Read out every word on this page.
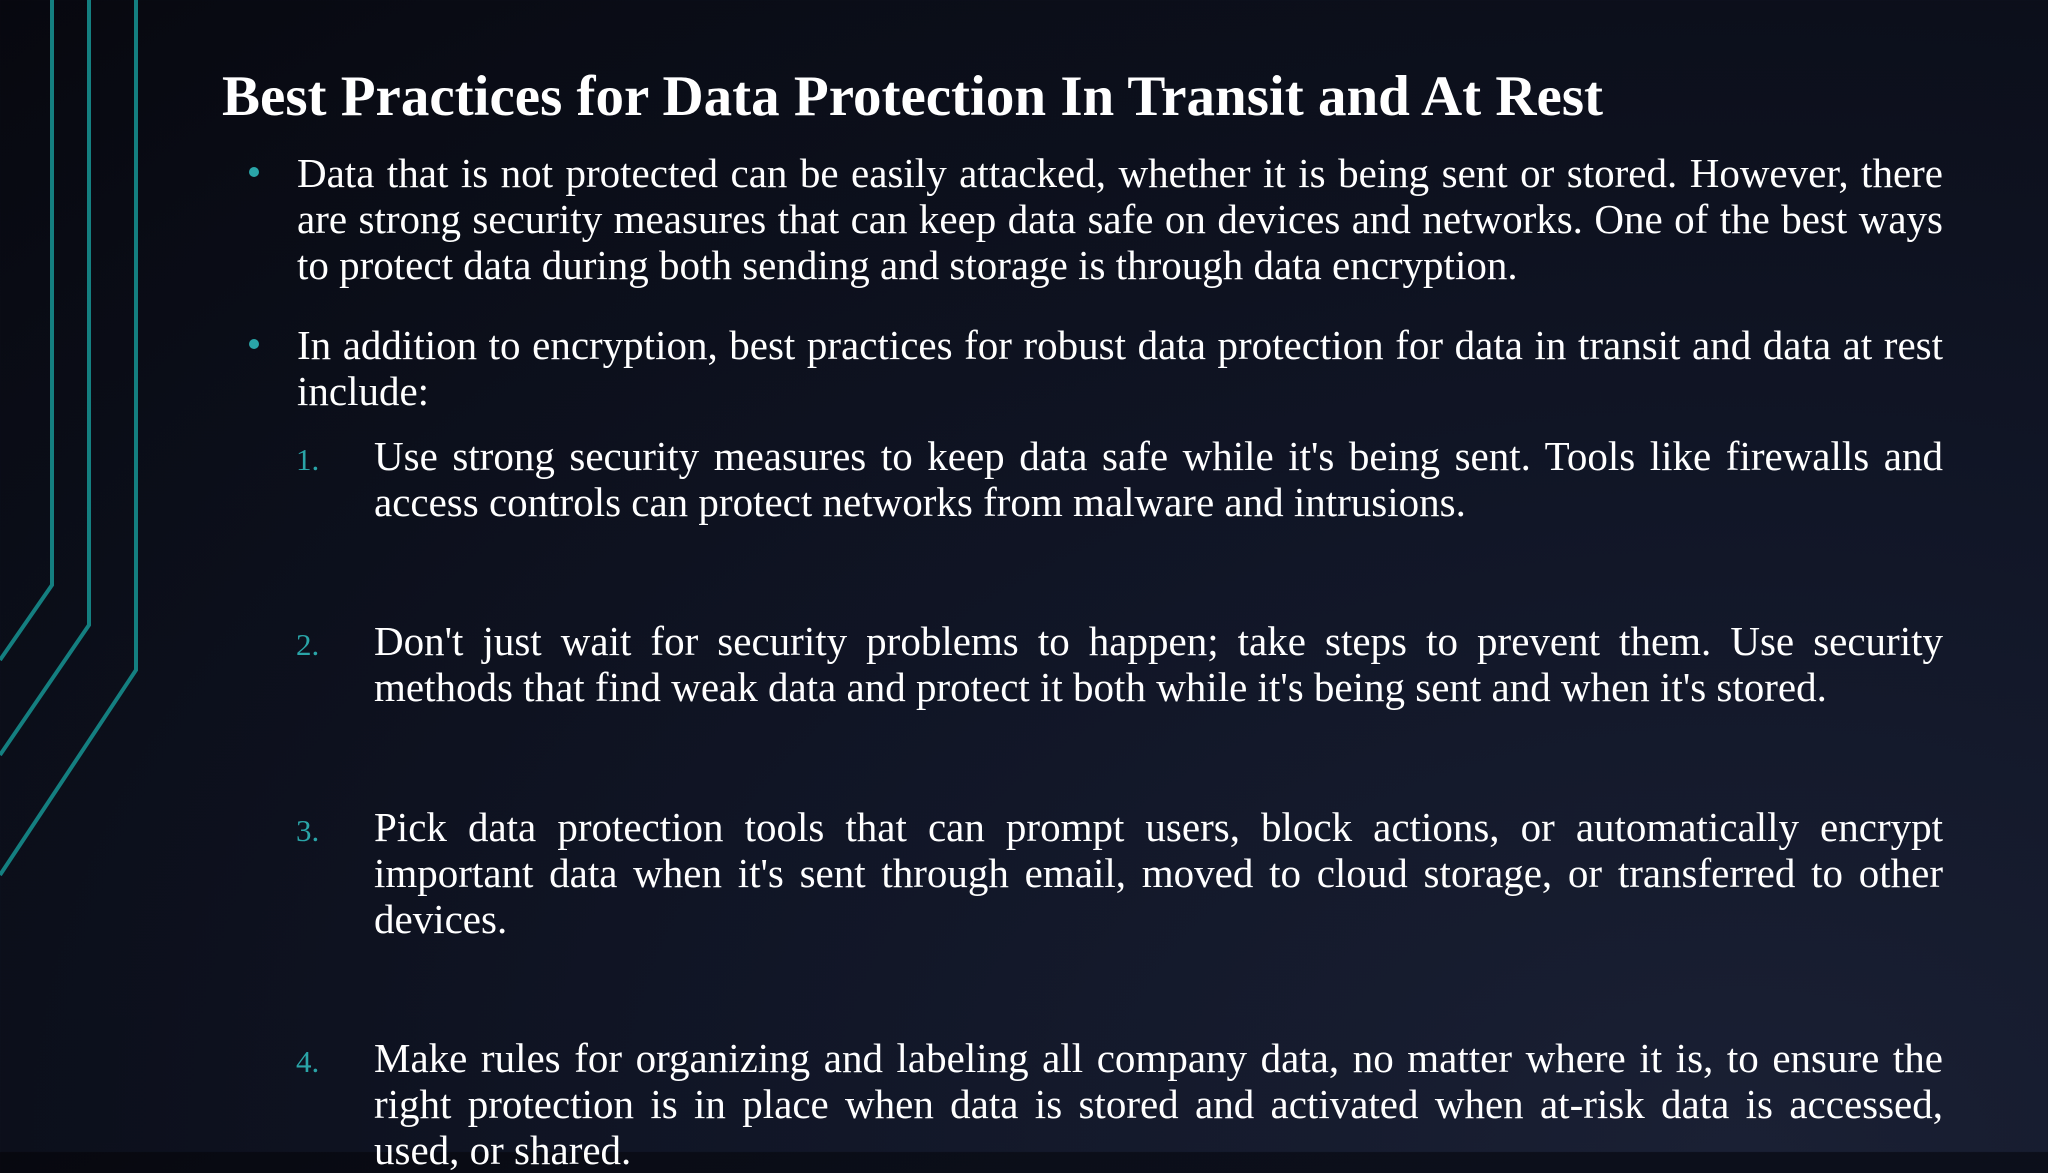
Best Practices for Data Protection In Transit and At Rest

Data that is not protected can be easily attacked, whether it is being sent or stored. However, there are strong security measures that can keep data safe on devices and networks. One of the best ways to protect data during both sending and storage is through data encryption.

In addition to encryption, best practices for robust data protection for data in transit and data at rest include:

1. Use strong security measures to keep data safe while it's being sent. Tools like firewalls and access controls can protect networks from malware and intrusions.

2. Don't just wait for security problems to happen; take steps to prevent them. Use security methods that find weak data and protect it both while it's being sent and when it's stored.

3. Pick data protection tools that can prompt users, block actions, or automatically encrypt important data when it's sent through email, moved to cloud storage, or transferred to other devices.

4. Make rules for organizing and labeling all company data, no matter where it is, to ensure the right protection is in place when data is stored and activated when at-risk data is accessed, used, or shared.
